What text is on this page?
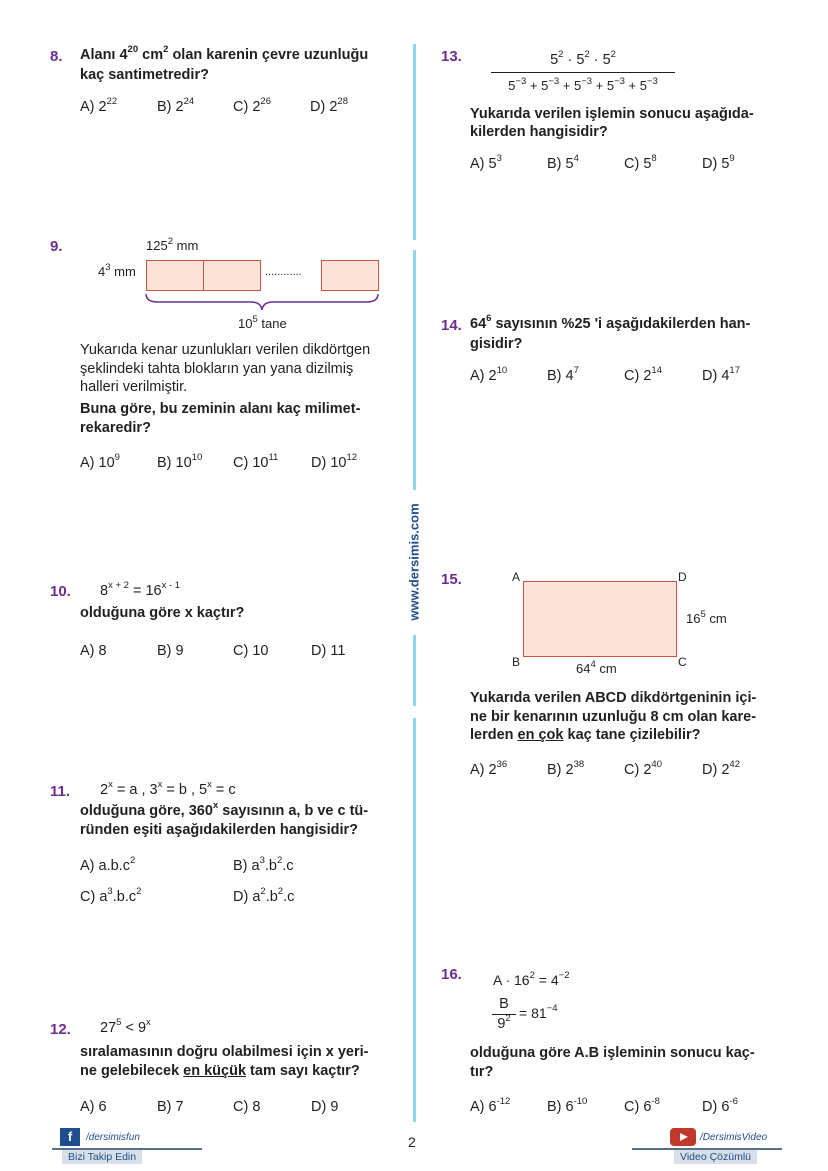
www.dersimis.com
8. Alanı $4^{20}$ $cm^2$ olan karenin çevre uzunluğu
kaç santimetredir?
A) $2^{22}$	B) $2^{24}$	C) $2^{26}$	D) $2^{28}$
9.	$125^2$ mm
$4^3$ mm	............
$10^5$ tane
Yukarıda kenar uzunlukları verilen dikdörtgen
şeklindeki tahta blokların yan yana dizilmiş
halleri verilmiştir.
Buna göre, bu zeminin alanı kaç milimet-
rekaredir?
A) $10^9$	B) $10^{10}$ C) $10^{11}$ D) $10^{12}$
10. $8^{x + 2} = 16^{x - 1}$
olduğuna göre x kaçtır?
A) 8	B) 9	C) 10	D) 11
11. $2^x = a$ , $3^x = b$ , $5^x = c$
olduğuna göre, 360$^x$ sayısının a, b ve c tü-
ründen eşiti aşağıdakilerden hangisidir?
A) $a.b.c^2$	B) $a^3.b^2.c$
C) $a^3.b.c^2$	D) $a^2.b^2.c$
12. $27^5 < 9^x$
sıralamasının doğru olabilmesi için x yeri-
ne gelebilecek en küçük tam sayı kaçtır?
A) 6	B) 7	C) 8	D) 9
13.	$5^2 \cdot 5^2 \cdot 5^2$
$5^{-3} + 5^{-3} + 5^{-3} + 5^{-3} + 5^{-3}$
Yukarıda verilen işlemin sonucu aşağıda-
kilerden hangisidir?
A) $5^3$	B) $5^4$	C) $5^8$	D) $5^9$
14. $64^6$ sayısının %25 'i aşağıdakilerden han-
gisidir?
A) $2^{10}$	B) $4^7$	C) $2^{14}$	D) $4^{17}$
15.	A	D
B	C
$16^5$ cm
$64^4$ cm
Yukarıda verilen ABCD dikdörtgeninin içi-
ne bir kenarının uzunluğu 8 cm olan kare-
lerden en çok kaç tane çizilebilir?
A) $2^{36}$	B) $2^{38}$	C) $2^{40}$	D) $2^{42}$
16. $A \cdot 16^2 = 4^{-2}$
B
$9^2 = 81^{-4}$
olduğuna göre A.B işleminin sonucu kaç-
tır?
A) $6^{-12}$	B) $6^{-10}$	C) $6^{-8}$	D) $6^{-6}$
f	/dersimisfun
Bizi Takip Edin
2	/DersimisVideo
Video Çözümlü
